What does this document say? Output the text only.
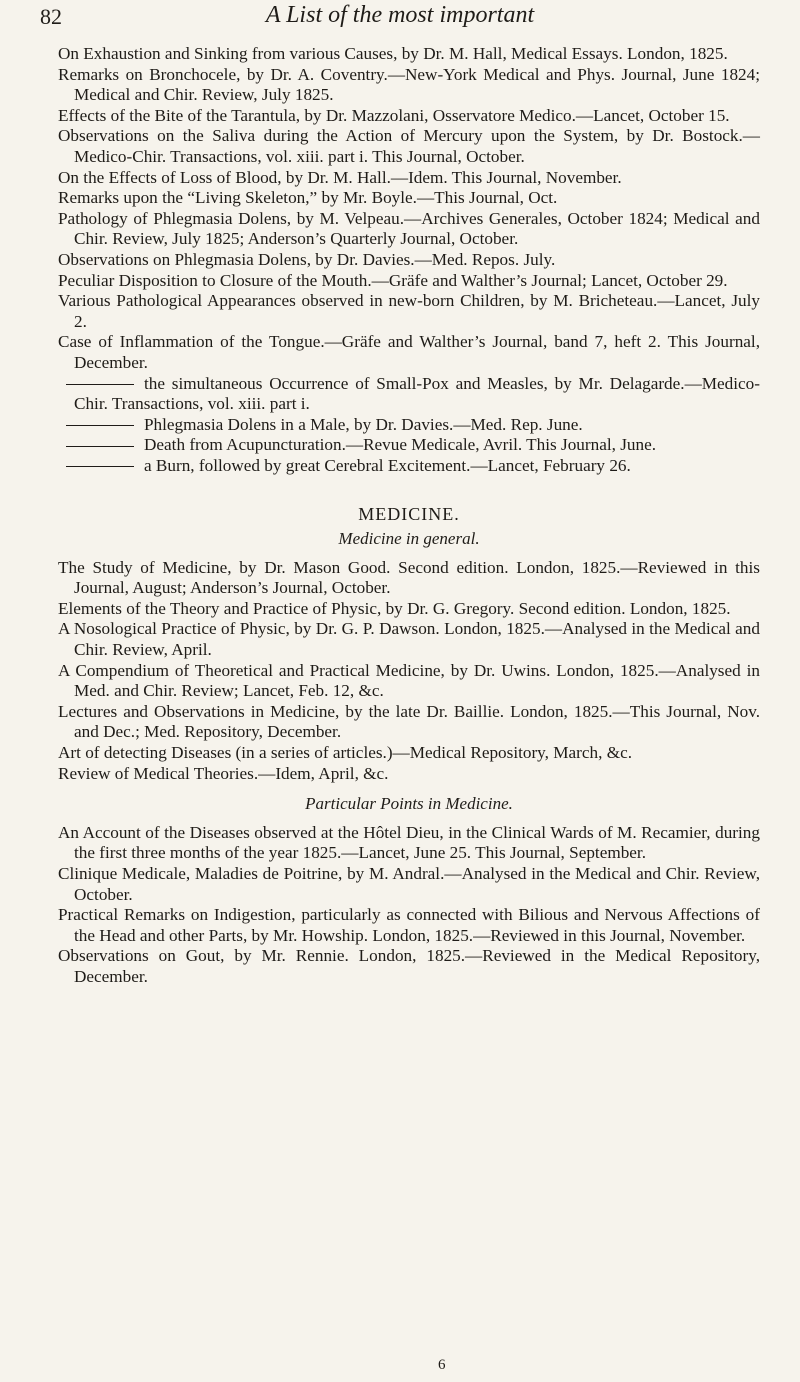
82	A List of the most important

On Exhaustion and Sinking from various Causes, by Dr. M. Hall, Medical Essays. London, 1825.

Remarks on Bronchocele, by Dr. A. Coventry.—New-York Medical and Phys. Journal, June 1824; Medical and Chir. Review, July 1825.

Effects of the Bite of the Tarantula, by Dr. Mazzolani, Osservatore Medico.—Lancet, October 15.

Observations on the Saliva during the Action of Mercury upon the System, by Dr. Bostock.—Medico-Chir. Transactions, vol. xiii. part i. This Journal, October.

On the Effects of Loss of Blood, by Dr. M. Hall.—Idem. This Journal, November.

Remarks upon the “Living Skeleton,” by Mr. Boyle.—This Journal, Oct.

Pathology of Phlegmasia Dolens, by M. Velpeau.—Archives Generales, October 1824; Medical and Chir. Review, July 1825; Anderson’s Quarterly Journal, October.

Observations on Phlegmasia Dolens, by Dr. Davies.—Med. Repos. July.

Peculiar Disposition to Closure of the Mouth.—Gräfe and Walther’s Journal; Lancet, October 29.

Various Pathological Appearances observed in new-born Children, by M. Bricheteau.—Lancet, July 2.

Case of Inflammation of the Tongue.—Gräfe and Walther’s Journal, band 7, heft 2. This Journal, December.

the simultaneous Occurrence of Small-Pox and Measles, by Mr. Delagarde.—Medico-Chir. Transactions, vol. xiii. part i.

Phlegmasia Dolens in a Male, by Dr. Davies.—Med. Rep. June.

Death from Acupuncturation.—Revue Medicale, Avril. This Journal, June.

a Burn, followed by great Cerebral Excitement.—Lancet, February 26.

MEDICINE.
Medicine in general.

The Study of Medicine, by Dr. Mason Good. Second edition. London, 1825.—Reviewed in this Journal, August; Anderson’s Journal, October.

Elements of the Theory and Practice of Physic, by Dr. G. Gregory. Second edition. London, 1825.

A Nosological Practice of Physic, by Dr. G. P. Dawson. London, 1825.—Analysed in the Medical and Chir. Review, April.

A Compendium of Theoretical and Practical Medicine, by Dr. Uwins. London, 1825.—Analysed in Med. and Chir. Review; Lancet, Feb. 12, &c.

Lectures and Observations in Medicine, by the late Dr. Baillie. London, 1825.—This Journal, Nov. and Dec.; Med. Repository, December.

Art of detecting Diseases (in a series of articles.)—Medical Repository, March, &c.

Review of Medical Theories.—Idem, April, &c.

Particular Points in Medicine.

An Account of the Diseases observed at the Hôtel Dieu, in the Clinical Wards of M. Recamier, during the first three months of the year 1825.—Lancet, June 25. This Journal, September.

Clinique Medicale, Maladies de Poitrine, by M. Andral.—Analysed in the Medical and Chir. Review, October.

Practical Remarks on Indigestion, particularly as connected with Bilious and Nervous Affections of the Head and other Parts, by Mr. Howship. London, 1825.—Reviewed in this Journal, November.

Observations on Gout, by Mr. Rennie. London, 1825.—Reviewed in the Medical Repository, December.

6
